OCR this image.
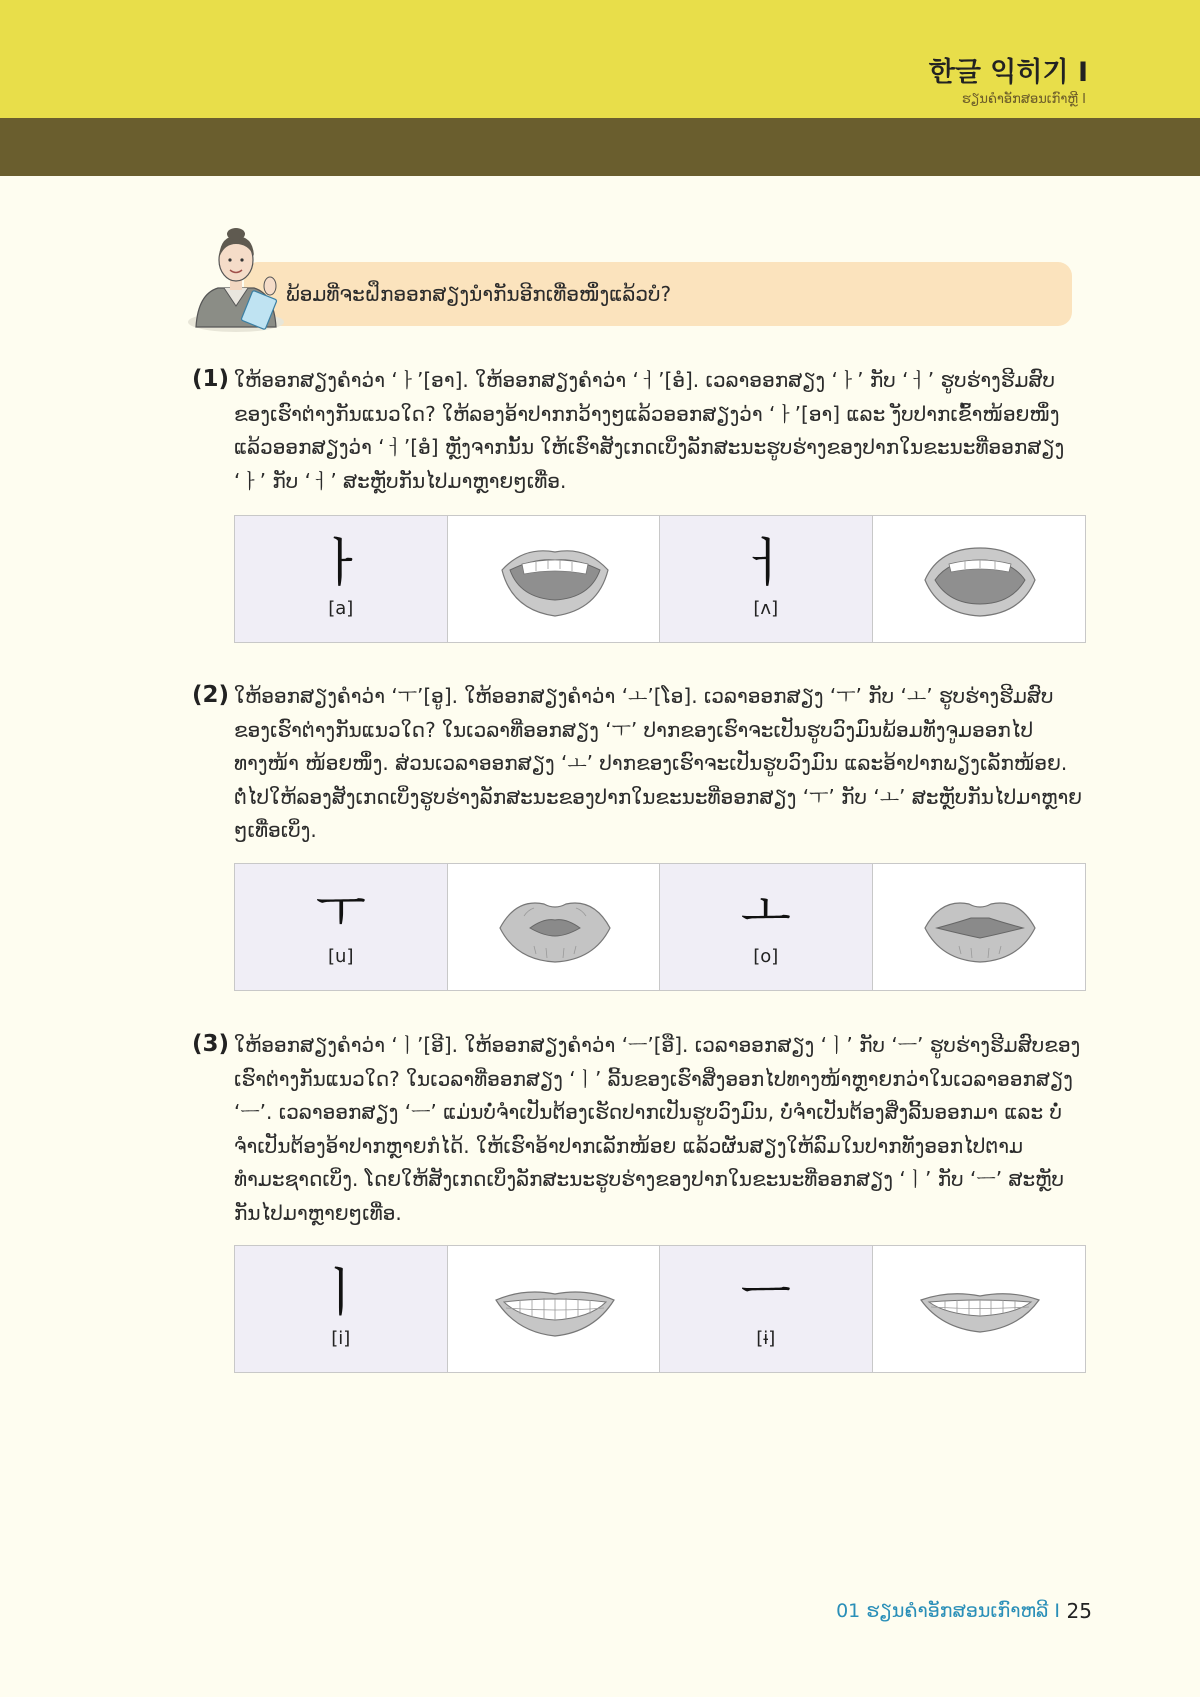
한글 익히기 I
ຮຽນຄຳອັກສອນເກົາຫຼີ I
ພ້ອມທີ່ຈະຝຶກອອກສຽງນຳກັນອີກເທື່ອໜຶ່ງແລ້ວບໍ?
(1) ໃຫ້ອອກສຽງຄຳວ່າ ‘ㅏ’[ອາ]. ໃຫ້ອອກສຽງຄຳວ່າ ‘ㅓ’[ອໍ]. ເວລາອອກສຽງ ‘ㅏ’ ກັບ ‘ㅓ’ ຮູບຮ່າງຮີມສົບຂອງເຮົາຕ່າງກັນແນວໃດ? ໃຫ້ລອງອ້າປາກກວ້າງໆແລ້ວອອກສຽງວ່າ ‘ㅏ’[ອາ] ແລະ ງັບປາກເຂົ້າໜ້ອຍໜຶ່ງແລ້ວອອກສຽງວ່າ ‘ㅓ’[ອໍ] ຫຼັງຈາກນັ້ນ ໃຫ້ເຮົາສັງເກດເບິ່ງລັກສະນະຮູບຮ່າງຂອງປາກໃນຂະນະທີ່ອອກສຽງ ‘ㅏ’ ກັບ ‘ㅓ’ ສະຫຼັບກັນໄປມາຫຼາຍໆເທື່ອ.
ㅏ
[a]
ㅓ
[ʌ]
(2) ໃຫ້ອອກສຽງຄຳວ່າ ‘ㅜ’[ອູ]. ໃຫ້ອອກສຽງຄຳວ່າ ‘ㅗ’[ໂອ]. ເວລາອອກສຽງ ‘ㅜ’ ກັບ ‘ㅗ’ ຮູບຮ່າງຮີມສົບຂອງເຮົາຕ່າງກັນແນວໃດ? ໃນເວລາທີ່ອອກສຽງ ‘ㅜ’ ປາກຂອງເຮົາຈະເປັນຮູບວົງມົນພ້ອມທັງຈູມອອກໄປທາງໜ້າ ໜ້ອຍໜຶ່ງ. ສ່ວນເວລາອອກສຽງ ‘ㅗ’ ປາກຂອງເຮົາຈະເປັນຮູບວົງມົນ ແລະອ້າປາກພຽງເລັກໜ້ອຍ. ຕໍ່ໄປໃຫ້ລອງສັງເກດເບິ່ງຮູບຮ່າງລັກສະນະຂອງປາກໃນຂະນະທີ່ອອກສຽງ ‘ㅜ’ ກັບ ‘ㅗ’ ສະຫຼັບກັນໄປມາຫຼາຍໆເທື່ອເບິ່ງ.
ㅜ
[u]
ㅗ
[o]
(3) ໃຫ້ອອກສຽງຄຳວ່າ ‘ㅣ’[ອີ]. ໃຫ້ອອກສຽງຄຳວ່າ ‘ㅡ’[ອື]. ເວລາອອກສຽງ ‘ㅣ’ ກັບ ‘ㅡ’ ຮູບຮ່າງຮີມສົບຂອງເຮົາຕ່າງກັນແນວໃດ? ໃນເວລາທີ່ອອກສຽງ ‘ㅣ’ ລີ້ນຂອງເຮົາສິ່ງອອກໄປທາງໜ້າຫຼາຍກວ່າໃນເວລາອອກສຽງ ‘ㅡ’. ເວລາອອກສຽງ ‘ㅡ’ ແມ່ນບໍ່ຈຳເປັນຕ້ອງເຮັດປາກເປັນຮູບວົງມົນ, ບໍ່ຈຳເປັນຕ້ອງສິ່ງລີ້ນອອກມາ ແລະ ບໍ່ຈຳເປັນຕ້ອງອ້າປາກຫຼາຍກໍໄດ້. ໃຫ້ເຮົາອ້າປາກເລັກໜ້ອຍ ແລ້ວຜັນສຽງໃຫ້ລົມໃນປາກທັງອອກໄປຕາມທຳມະຊາດເບິ່ງ. ໂດຍໃຫ້ສັງເກດເບິ່ງລັກສະນະຮູບຮ່າງຂອງປາກໃນຂະນະທີ່ອອກສຽງ ‘ㅣ’ ກັບ ‘ㅡ’ ສະຫຼັບກັນໄປມາຫຼາຍໆເທື່ອ.
ㅣ
[i]
ㅡ
[ɨ]
01 ຮຽນຄຳອັກສອນເກົາຫລີ I 25
